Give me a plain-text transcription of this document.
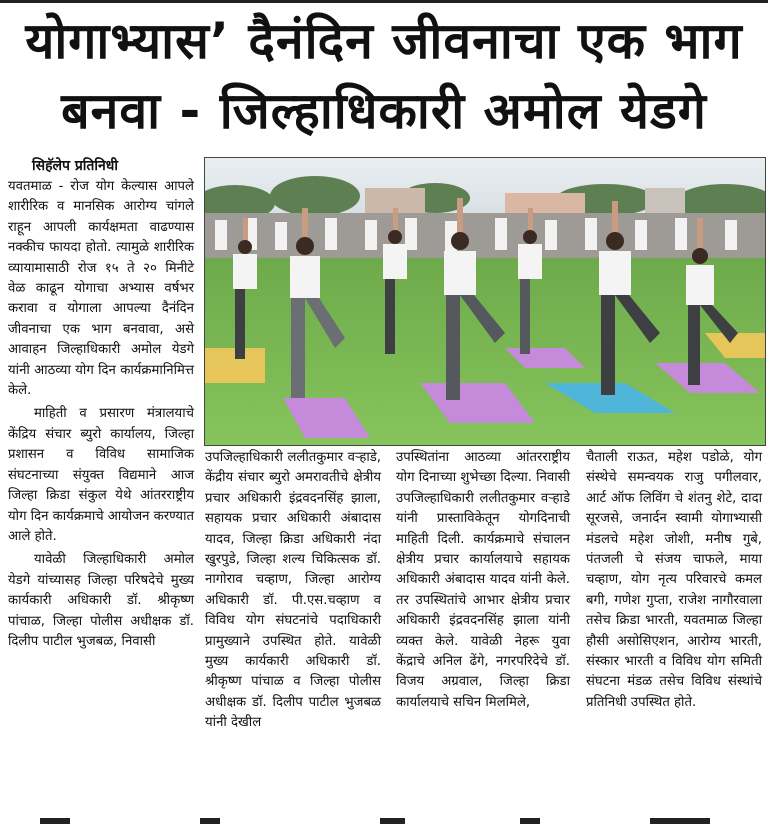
योगाभ्यास’ दैनंदिन जीवनाचा एक भाग
बनवा - जिल्हाधिकारी अमोल येडगे
सिहॅलेप प्रतिनिधी

यवतमाळ - रोज योग केल्यास आपले शारीरिक व मानसिक आरोग्य चांगले राहून आपली कार्यक्षमता वाढण्यास नक्कीच फायदा होतो. त्यामुळे शारीरिक व्यायामासाठी रोज १५ ते २० मिनीटे वेळ काढून योगाचा अभ्यास वर्षभर करावा व योगाला आपल्या दैनंदिन जीवनाचा एक भाग बनवावा, असे आवाहन जिल्हाधिकारी अमोल येडगे यांनी आठव्या योग दिन कार्यक्रमानिमित्त केले.

माहिती व प्रसारण मंत्रालयाचे केंद्रिय संचार ब्युरो कार्यालय, जिल्हा प्रशासन व विविध सामाजिक संघटनाच्या संयुक्त विद्यमाने आज जिल्हा क्रिडा संकुल येथे आंतरराष्ट्रीय योग दिन कार्यक्रमाचे आयोजन करण्यात आले होते.

यावेळी जिल्हाधिकारी अमोल येडगे यांच्यासह जिल्हा परिषदेचे मुख्य कार्यकारी अधिकारी डॉ. श्रीकृष्ण पांचाळ, जिल्हा पोलीस अधीक्षक डॉ. दिलीप पाटील भुजबळ, निवासी

उपजिल्हाधिकारी ललीतकुमार वऱ्हाडे, केंद्रीय संचार ब्युरो अमरावतीचे क्षेत्रीय प्रचार अधिकारी इंद्रवदनसिंह झाला, सहायक प्रचार अधिकारी अंबादास यादव, जिल्हा क्रिडा अधिकारी नंदा खुरपुडे, जिल्हा शल्य चिकित्सक डॉ. नागोराव चव्हाण, जिल्हा आरोग्य अधिकारी डॉ. पी.एस.चव्हाण व विविध योग संघटनांचे पदाधिकारी प्रामुख्याने उपस्थित होते. यावेळी मुख्य कार्यकारी अधिकारी डॉ. श्रीकृष्ण पांचाळ व जिल्हा पोलीस अधीक्षक डॉ. दिलीप पाटील भुजबळ यांनी देखील

उपस्थितांना आठव्या आंतरराष्ट्रीय योग दिनाच्या शुभेच्छा दिल्या. निवासी उपजिल्हाधिकारी ललीतकुमार वऱ्हाडे यांनी प्रास्ताविकेतून योगदिनाची माहिती दिली. कार्यक्रमाचे संचालन क्षेत्रीय प्रचार कार्यालयाचे सहायक अधिकारी अंबादास यादव यांनी केले. तर उपस्थितांचे आभार क्षेत्रीय प्रचार अधिकारी इंद्रवदनसिंह झाला यांनी व्यक्त केले. यावेळी नेहरू युवा केंद्राचे अनिल ढेंगे, नगरपरिदेचे डॉ. विजय अग्रवाल, जिल्हा क्रिडा कार्यालयाचे सचिन मिलमिले,

चैताली राऊत, महेश पडोळे, योग संस्थेचे समन्वयक राजु पगीलवार, आर्ट ऑफ लिविंग चे शंतनु शेटे, दादा सूरजसे, जनार्दन स्वामी योगाभ्यासी मंडलचे महेश जोशी, मनीष गुबे, पंतजली चे संजय चाफले, माया चव्हाण, योग नृत्य परिवारचे कमल बगी, गणेश गुप्ता, राजेश नागौरवाला तसेच क्रिडा भारती, यवतमाळ जिल्हा हौसी असोसिएशन, आरोग्य भारती, संस्कार भारती व विविध योग समिती संघटना मंडळ तसेच विविध संस्थांचे प्रतिनिधी उपस्थित होते.
